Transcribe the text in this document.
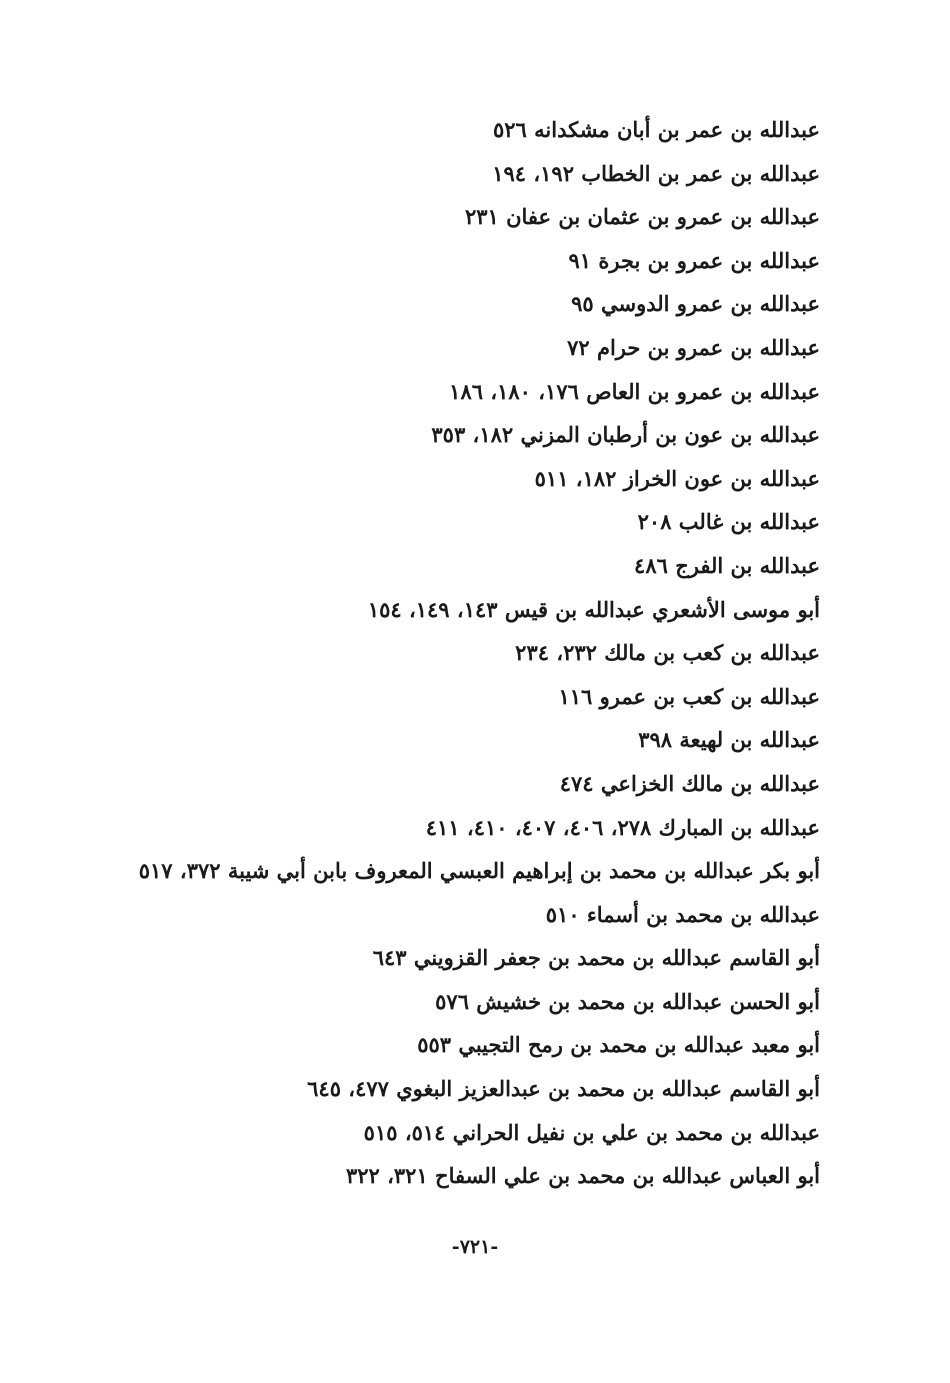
عبدالله بن عمر بن أبان مشكدانه ٥٢٦
عبدالله بن عمر بن الخطاب ١٩٢، ١٩٤
عبدالله بن عمرو بن عثمان بن عفان ٢٣١
عبدالله بن عمرو بن بجرة ٩١
عبدالله بن عمرو الدوسي ٩٥
عبدالله بن عمرو بن حرام ٧٢
عبدالله بن عمرو بن العاص ١٧٦، ١٨٠، ١٨٦
عبدالله بن عون بن أرطبان المزني ١٨٢، ٣٥٣
عبدالله بن عون الخراز ١٨٢، ٥١١
عبدالله بن غالب ٢٠٨
عبدالله بن الفرج ٤٨٦
أبو موسى الأشعري عبدالله بن قيس ١٤٣، ١٤٩، ١٥٤
عبدالله بن كعب بن مالك ٢٣٢، ٢٣٤
عبدالله بن كعب بن عمرو ١١٦
عبدالله بن لهيعة ٣٩٨
عبدالله بن مالك الخزاعي ٤٧٤
عبدالله بن المبارك ٢٧٨، ٤٠٦، ٤٠٧، ٤١٠، ٤١١
أبو بكر عبدالله بن محمد بن إبراهيم العبسي المعروف بابن أبي شيبة ٣٧٢، ٥١٧
عبدالله بن محمد بن أسماء ٥١٠
أبو القاسم عبدالله بن محمد بن جعفر القزويني ٦٤٣
أبو الحسن عبدالله بن محمد بن خشيش ٥٧٦
أبو معبد عبدالله بن محمد بن رمح التجيبي ٥٥٣
أبو القاسم عبدالله بن محمد بن عبدالعزيز البغوي ٤٧٧، ٦٤٥
عبدالله بن محمد بن علي بن نفيل الحراني ٥١٤، ٥١٥
أبو العباس عبدالله بن محمد بن علي السفاح ٣٢١، ٣٢٢
-٧٢١-
